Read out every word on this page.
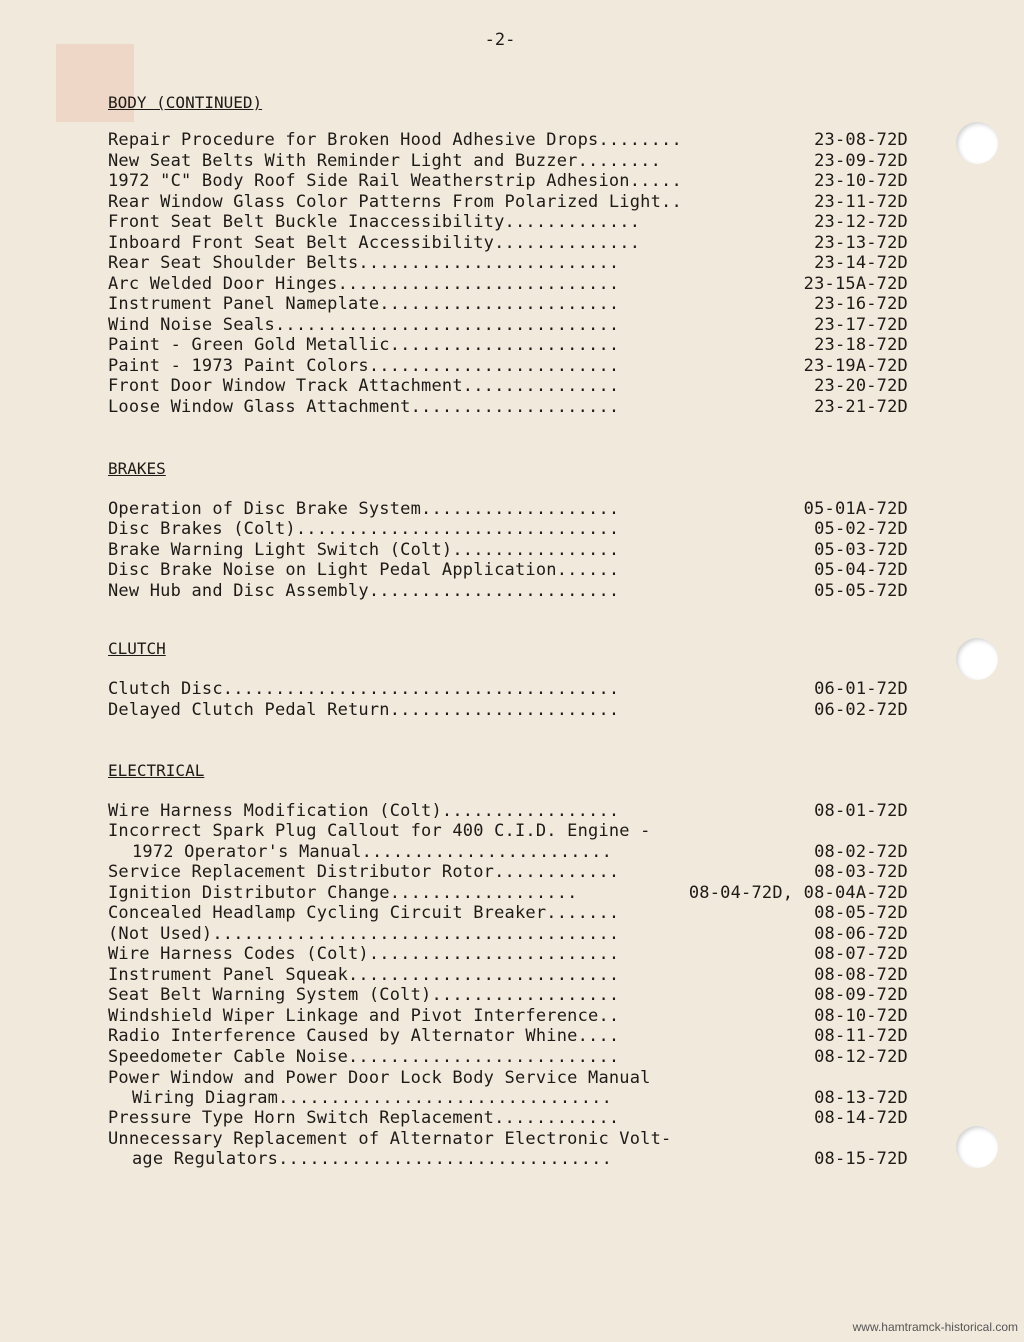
-2-
BODY (CONTINUED)
Repair Procedure for Broken Hood Adhesive Drops........	23-08-72D
New Seat Belts With Reminder Light and Buzzer........	23-09-72D
1972 "C" Body Roof Side Rail Weatherstrip Adhesion.....	23-10-72D
Rear Window Glass Color Patterns From Polarized Light..	23-11-72D
Front Seat Belt Buckle Inaccessibility.............	23-12-72D
Inboard Front Seat Belt Accessibility..............	23-13-72D
Rear Seat Shoulder Belts.........................	23-14-72D
Arc Welded Door Hinges...........................	23-15A-72D
Instrument Panel Nameplate.......................	23-16-72D
Wind Noise Seals.................................	23-17-72D
Paint - Green Gold Metallic......................	23-18-72D
Paint - 1973 Paint Colors........................	23-19A-72D
Front Door Window Track Attachment...............	23-20-72D
Loose Window Glass Attachment....................	23-21-72D
BRAKES
Operation of Disc Brake System...................	05-01A-72D
Disc Brakes (Colt)...............................	05-02-72D
Brake Warning Light Switch (Colt)................	05-03-72D
Disc Brake Noise on Light Pedal Application......	05-04-72D
New Hub and Disc Assembly........................	05-05-72D
CLUTCH
Clutch Disc......................................	06-01-72D
Delayed Clutch Pedal Return......................	06-02-72D
ELECTRICAL
Wire Harness Modification (Colt).................	08-01-72D
Incorrect Spark Plug Callout for 400 C.I.D. Engine -
1972 Operator's Manual........................	08-02-72D
Service Replacement Distributor Rotor............	08-03-72D
Ignition Distributor Change..................	08-04-72D, 08-04A-72D
Concealed Headlamp Cycling Circuit Breaker.......	08-05-72D
(Not Used).......................................	08-06-72D
Wire Harness Codes (Colt)........................	08-07-72D
Instrument Panel Squeak..........................	08-08-72D
Seat Belt Warning System (Colt)..................	08-09-72D
Windshield Wiper Linkage and Pivot Interference..	08-10-72D
Radio Interference Caused by Alternator Whine....	08-11-72D
Speedometer Cable Noise..........................	08-12-72D
Power Window and Power Door Lock Body Service Manual
Wiring Diagram................................	08-13-72D
Pressure Type Horn Switch Replacement............	08-14-72D
Unnecessary Replacement of Alternator Electronic Volt-
age Regulators................................	08-15-72D
www.hamtramck-historical.com
